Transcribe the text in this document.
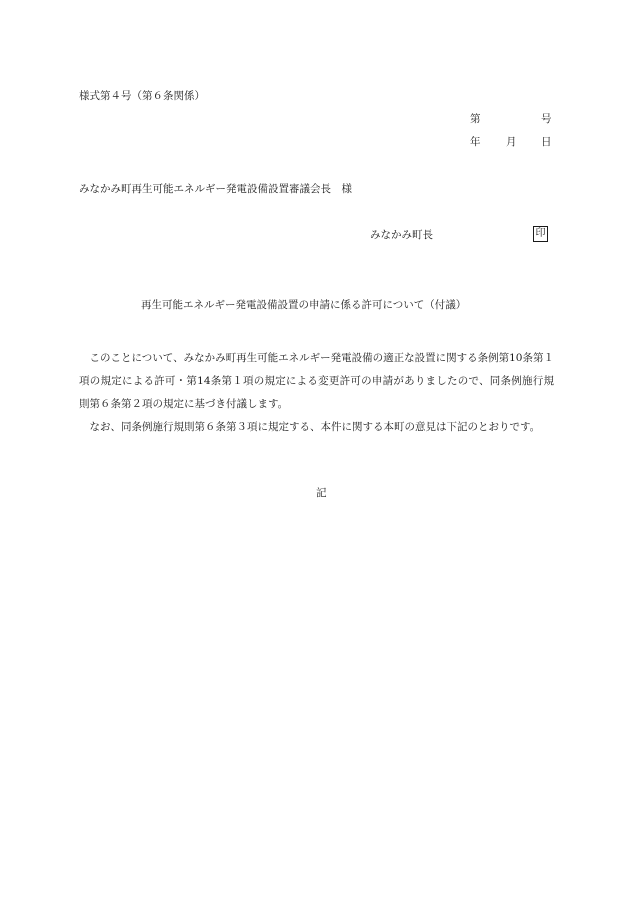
様式第４号（第６条関係）
第	号
年 月 日
みなかみ町再生可能エネルギー発電設備設置審議会長　様
みなかみ町長	印
再生可能エネルギー発電設備設置の申請に係る許可について（付議）

このことについて、みなかみ町再生可能エネルギー発電設備の適正な設置に関する条例第10条第１項の規定による許可・第14条第１項の規定による変更許可の申請がありましたので、同条例施行規則第６条第２項の規定に基づき付議します。

なお、同条例施行規則第６条第３項に規定する、本件に関する本町の意見は下記のとおりです。

記
